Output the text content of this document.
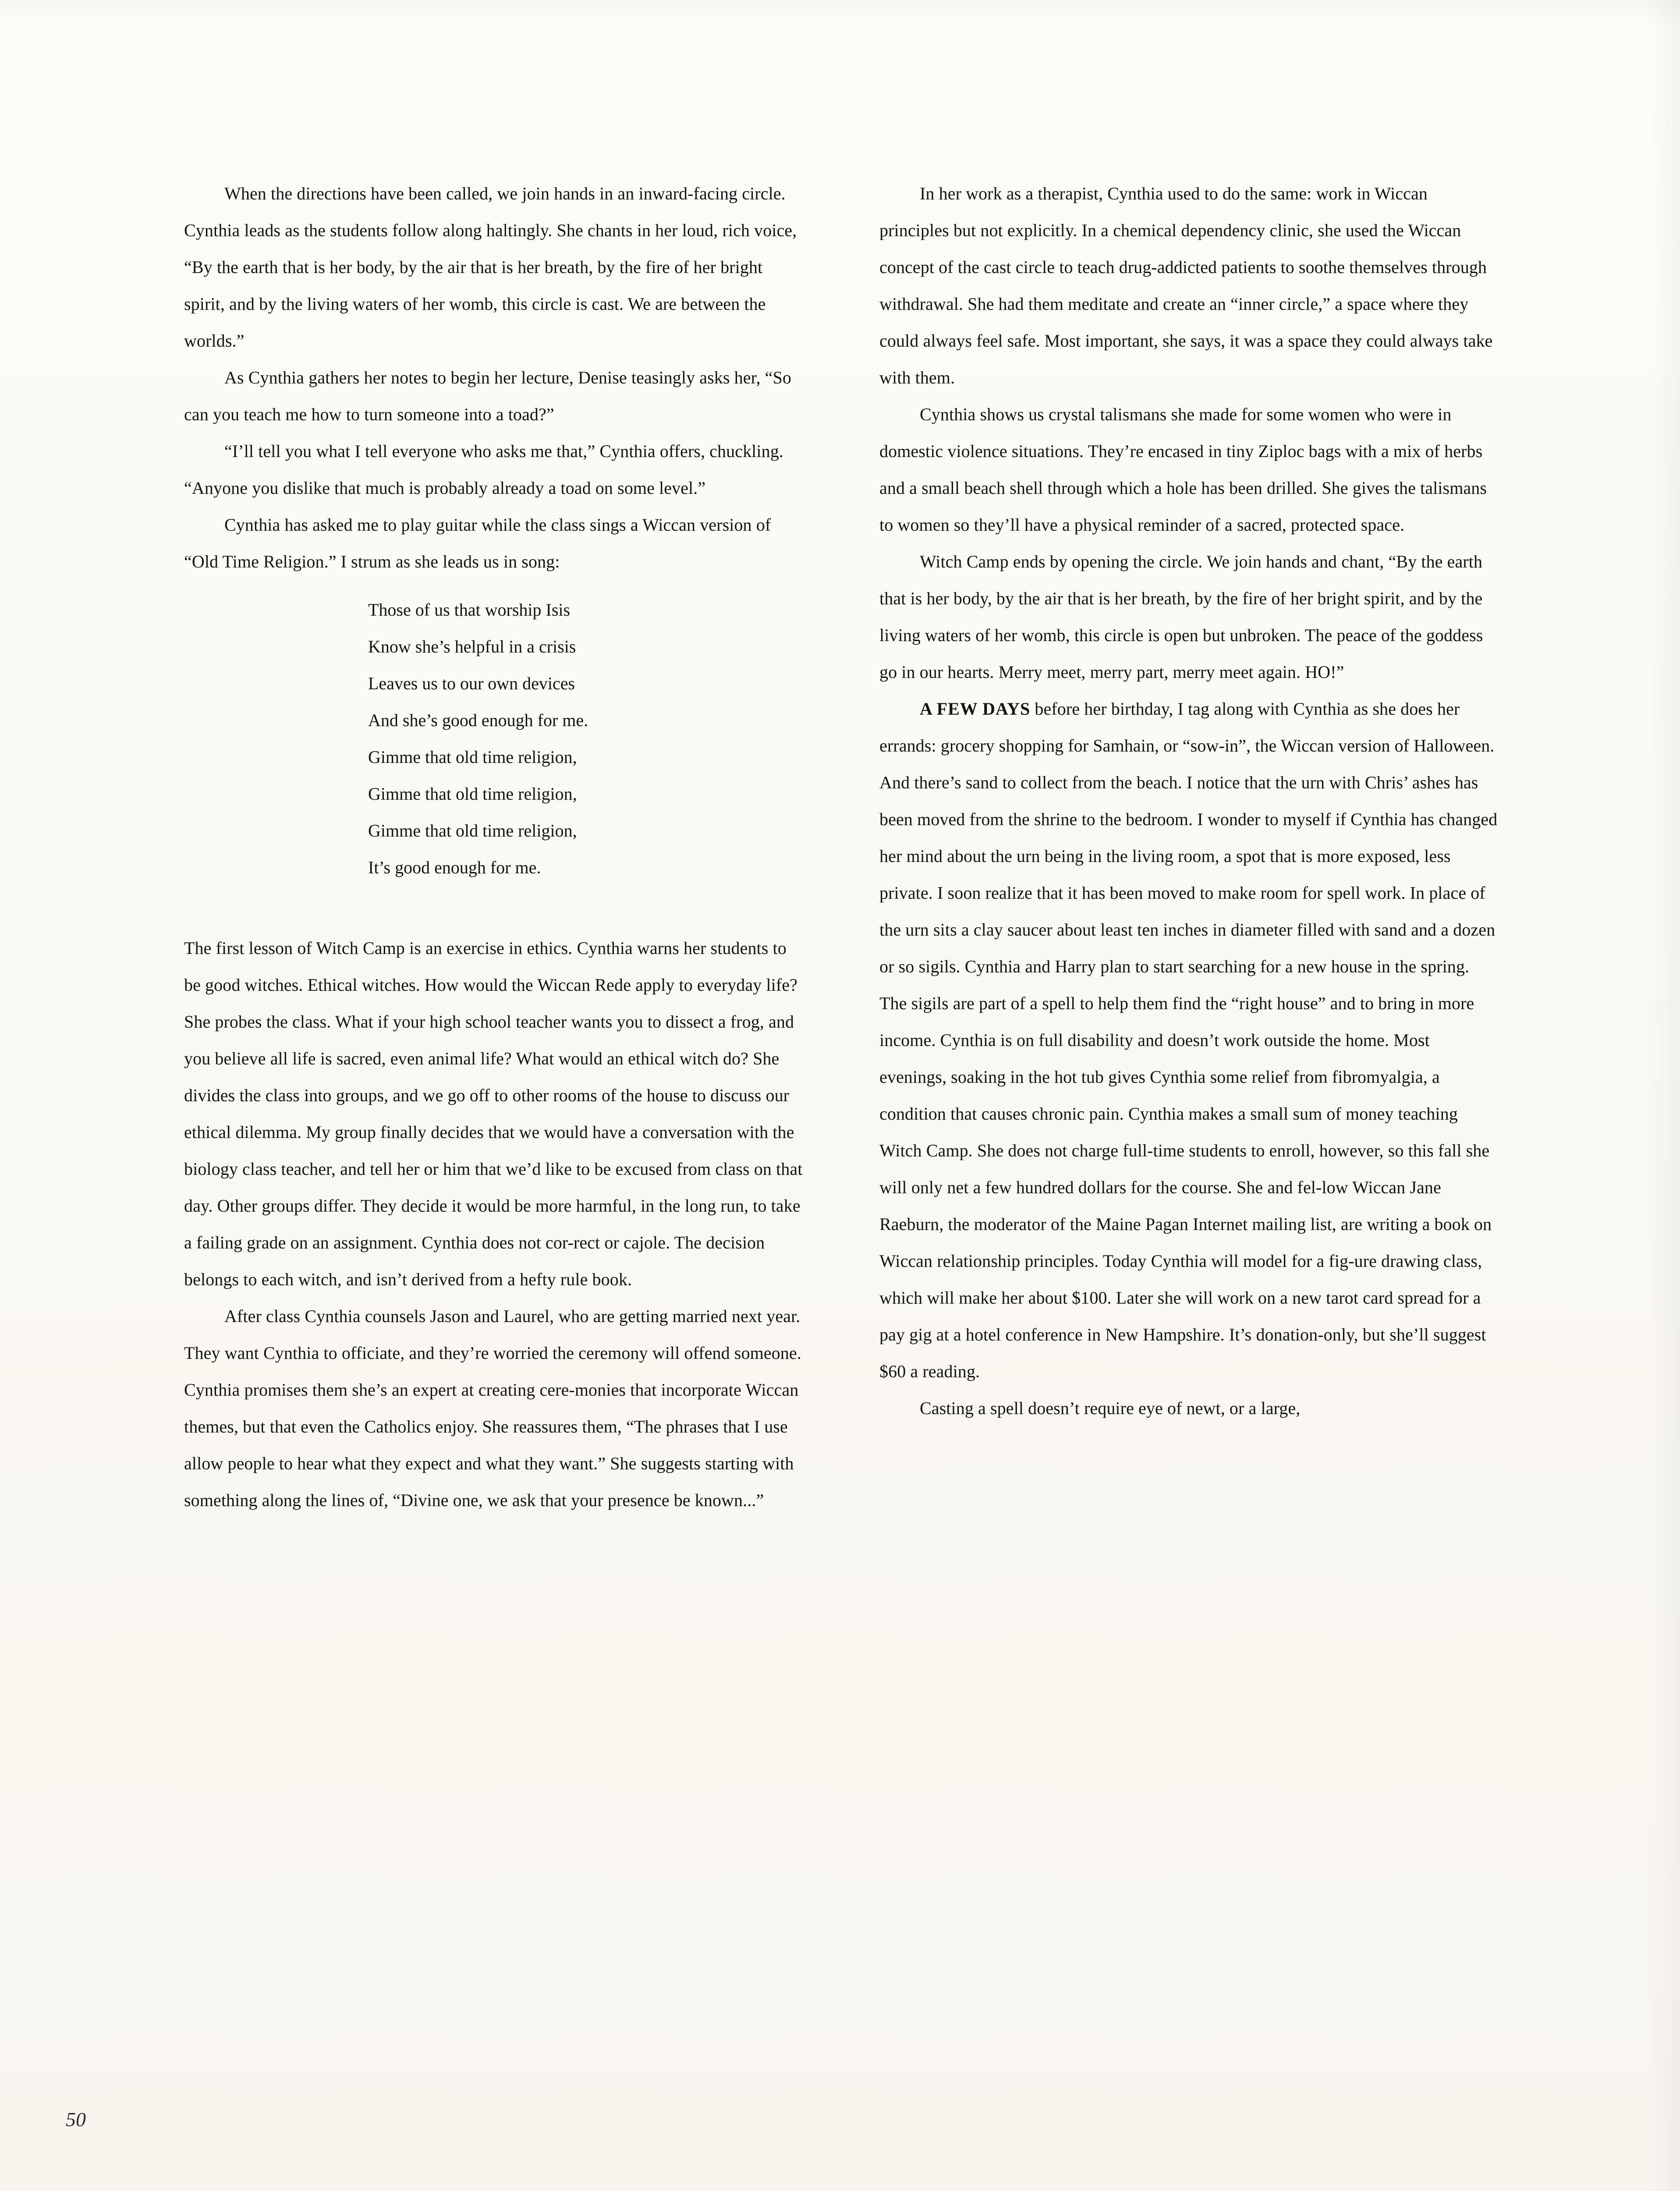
When the directions have been called, we join hands in an inward-facing circle. Cynthia leads as the students follow along haltingly. She chants in her loud, rich voice, “By the earth that is her body, by the air that is her breath, by the fire of her bright spirit, and by the living waters of her womb, this circle is cast. We are between the worlds.”

As Cynthia gathers her notes to begin her lecture, Denise teasingly asks her, “So can you teach me how to turn someone into a toad?”

“I’ll tell you what I tell everyone who asks me that,” Cynthia offers, chuckling. “Anyone you dislike that much is probably already a toad on some level.”

Cynthia has asked me to play guitar while the class sings a Wiccan version of “Old Time Religion.” I strum as she leads us in song:

Those of us that worship Isis
Know she’s helpful in a crisis
Leaves us to our own devices
And she’s good enough for me.
Gimme that old time religion,
Gimme that old time religion,
Gimme that old time religion,
It’s good enough for me.

The first lesson of Witch Camp is an exercise in ethics. Cynthia warns her students to be good witches. Ethical witches. How would the Wiccan Rede apply to everyday life? She probes the class. What if your high school teacher wants you to dissect a frog, and you believe all life is sacred, even animal life? What would an ethical witch do? She divides the class into groups, and we go off to other rooms of the house to discuss our ethical dilemma. My group finally decides that we would have a conversation with the biology class teacher, and tell her or him that we’d like to be excused from class on that day. Other groups differ. They decide it would be more harmful, in the long run, to take a failing grade on an assignment. Cynthia does not cor-rect or cajole. The decision belongs to each witch, and isn’t derived from a hefty rule book.

After class Cynthia counsels Jason and Laurel, who are getting married next year. They want Cynthia to officiate, and they’re worried the ceremony will offend someone. Cynthia promises them she’s an expert at creating cere-monies that incorporate Wiccan themes, but that even the Catholics enjoy. She reassures them, “The phrases that I use allow people to hear what they expect and what they want.” She suggests starting with something along the lines of, “Divine one, we ask that your presence be known...”

In her work as a therapist, Cynthia used to do the same: work in Wiccan principles but not explicitly. In a chemical dependency clinic, she used the Wiccan concept of the cast circle to teach drug-addicted patients to soothe themselves through withdrawal. She had them meditate and create an “inner circle,” a space where they could always feel safe. Most important, she says, it was a space they could always take with them.

Cynthia shows us crystal talismans she made for some women who were in domestic violence situations. They’re encased in tiny Ziploc bags with a mix of herbs and a small beach shell through which a hole has been drilled. She gives the talismans to women so they’ll have a physical reminder of a sacred, protected space.

Witch Camp ends by opening the circle. We join hands and chant, “By the earth that is her body, by the air that is her breath, by the fire of her bright spirit, and by the living waters of her womb, this circle is open but unbroken. The peace of the goddess go in our hearts. Merry meet, merry part, merry meet again. HO!”

A FEW DAYS before her birthday, I tag along with Cynthia as she does her errands: grocery shopping for Samhain, or “sow-in”, the Wiccan version of Halloween. And there’s sand to collect from the beach. I notice that the urn with Chris’ ashes has been moved from the shrine to the bedroom. I wonder to myself if Cynthia has changed her mind about the urn being in the living room, a spot that is more exposed, less private. I soon realize that it has been moved to make room for spell work. In place of the urn sits a clay saucer about least ten inches in diameter filled with sand and a dozen or so sigils. Cynthia and Harry plan to start searching for a new house in the spring. The sigils are part of a spell to help them find the “right house” and to bring in more income. Cynthia is on full disability and doesn’t work outside the home. Most evenings, soaking in the hot tub gives Cynthia some relief from fibromyalgia, a condition that causes chronic pain. Cynthia makes a small sum of money teaching Witch Camp. She does not charge full-time students to enroll, however, so this fall she will only net a few hundred dollars for the course. She and fel-low Wiccan Jane Raeburn, the moderator of the Maine Pagan Internet mailing list, are writing a book on Wiccan relationship principles. Today Cynthia will model for a fig-ure drawing class, which will make her about $100. Later she will work on a new tarot card spread for a pay gig at a hotel conference in New Hampshire. It’s donation-only, but she’ll suggest $60 a reading.

Casting a spell doesn’t require eye of newt, or a large,

50
